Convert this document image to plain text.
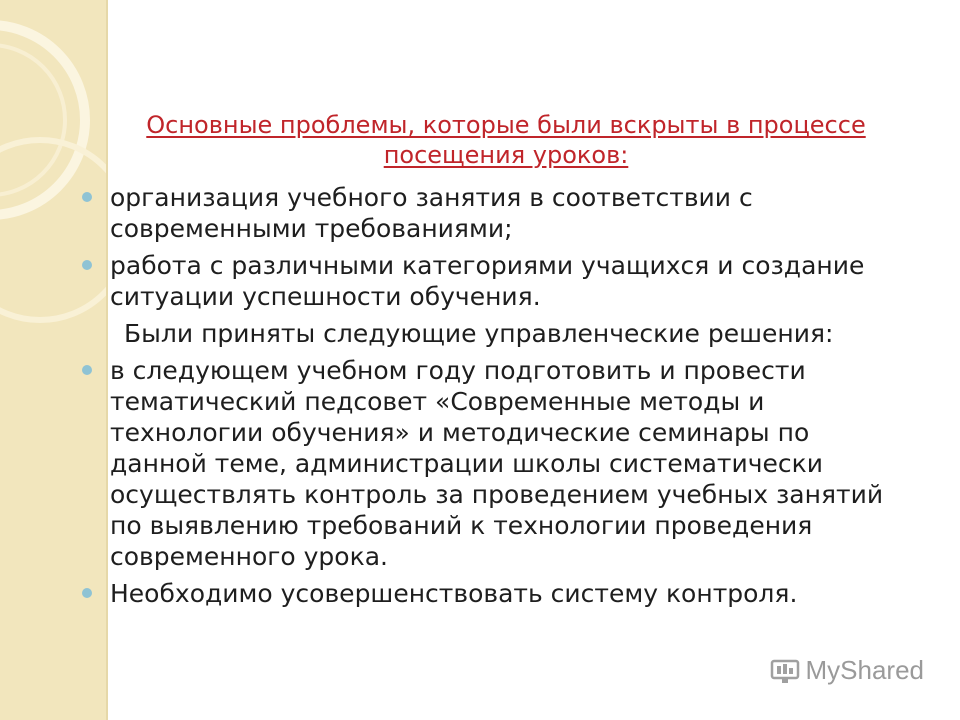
Основные проблемы, которые были вскрыты в процессе посещения уроков:
организация учебного занятия в соответствии с современными требованиями;
работа с различными категориями учащихся и создание ситуации успешности обучения.
Были приняты следующие управленческие решения:
в следующем учебном году подготовить и провести тематический педсовет «Современные методы и технологии обучения» и методические семинары по данной теме, администрации школы систематически осуществлять контроль за проведением учебных занятий по выявлению требований к технологии проведения современного урока.
Необходимо усовершенствовать систему контроля.
MyShared
